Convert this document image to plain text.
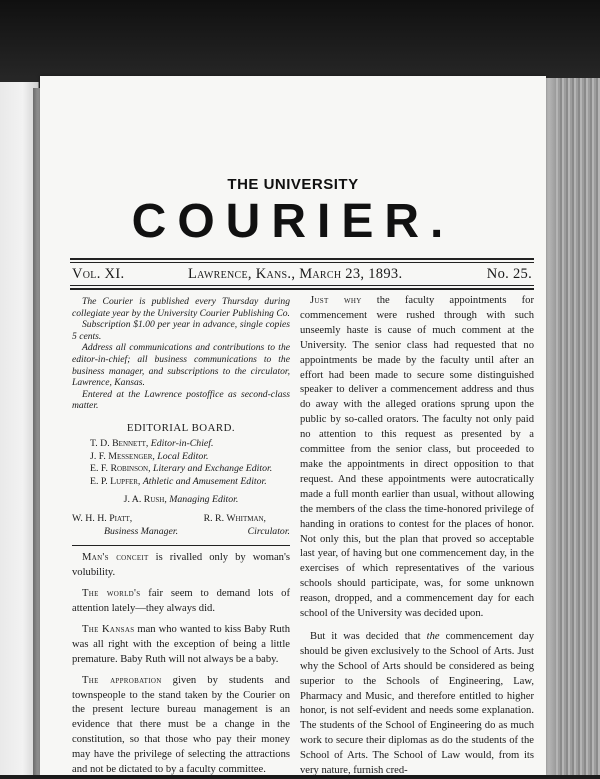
THE UNIVERSITY
COURIER.
Vol. XI.	Lawrence, Kans., March 23, 1893.	No. 25.

The Courier is published every Thursday during collegiate year by the University Courier Publishing Co.

Subscription $1.00 per year in advance, single copies 5 cents.

Address all communications and contributions to the editor-in-chief; all business communications to the business manager, and subscriptions to the circulator, Lawrence, Kansas.

Entered at the Lawrence postoffice as second-class matter.

EDITORIAL BOARD.

T. D. Bennett, Editor-in-Chief.

J. F. Messenger, Local Editor.

E. F. Robinson, Literary and Exchange Editor.

E. P. Lupfer, Athletic and Amusement Editor.

J. A. Rush, Managing Editor.

W. H. H. Piatt,
Business Manager.
R. R. Whitman,
Circulator.

Man's conceit is rivalled only by woman's volubility.

The world's fair seem to demand lots of attention lately—they always did.

The Kansas man who wanted to kiss Baby Ruth was all right with the exception of being a little premature. Baby Ruth will not always be a baby.

The approbation given by students and townspeople to the stand taken by the Courier on the present lecture bureau management is an evidence that there must be a change in the constitution, so that those who pay their money may have the privilege of selecting the attractions and not be dictated to by a faculty committee.

Just why the faculty appointments for commencement were rushed through with such unseemly haste is cause of much comment at the University. The senior class had requested that no appointments be made by the faculty until after an effort had been made to secure some distinguished speaker to deliver a commencement address and thus do away with the alleged orations sprung upon the public by so-called orators. The faculty not only paid no attention to this request as presented by a committee from the senior class, but proceeded to make the appointments in direct opposition to that request. And these appointments were autocratically made a full month earlier than usual, without allowing the members of the class the time-honored privilege of handing in orations to contest for the places of honor. Not only this, but the plan that proved so acceptable last year, of having but one commencement day, in the exercises of which representatives of the various schools should participate, was, for some unknown reason, dropped, and a commencement day for each school of the University was decided upon.

But it was decided that the commencement day should be given exclusively to the School of Arts. Just why the School of Arts should be considered as being superior to the Schools of Engineering, Law, Pharmacy and Music, and therefore entitled to higher honor, is not self-evident and needs some explanation. The students of the School of Engineering do as much work to secure their diplomas as do the students of the School of Arts. The School of Law would, from its very nature, furnish cred-
